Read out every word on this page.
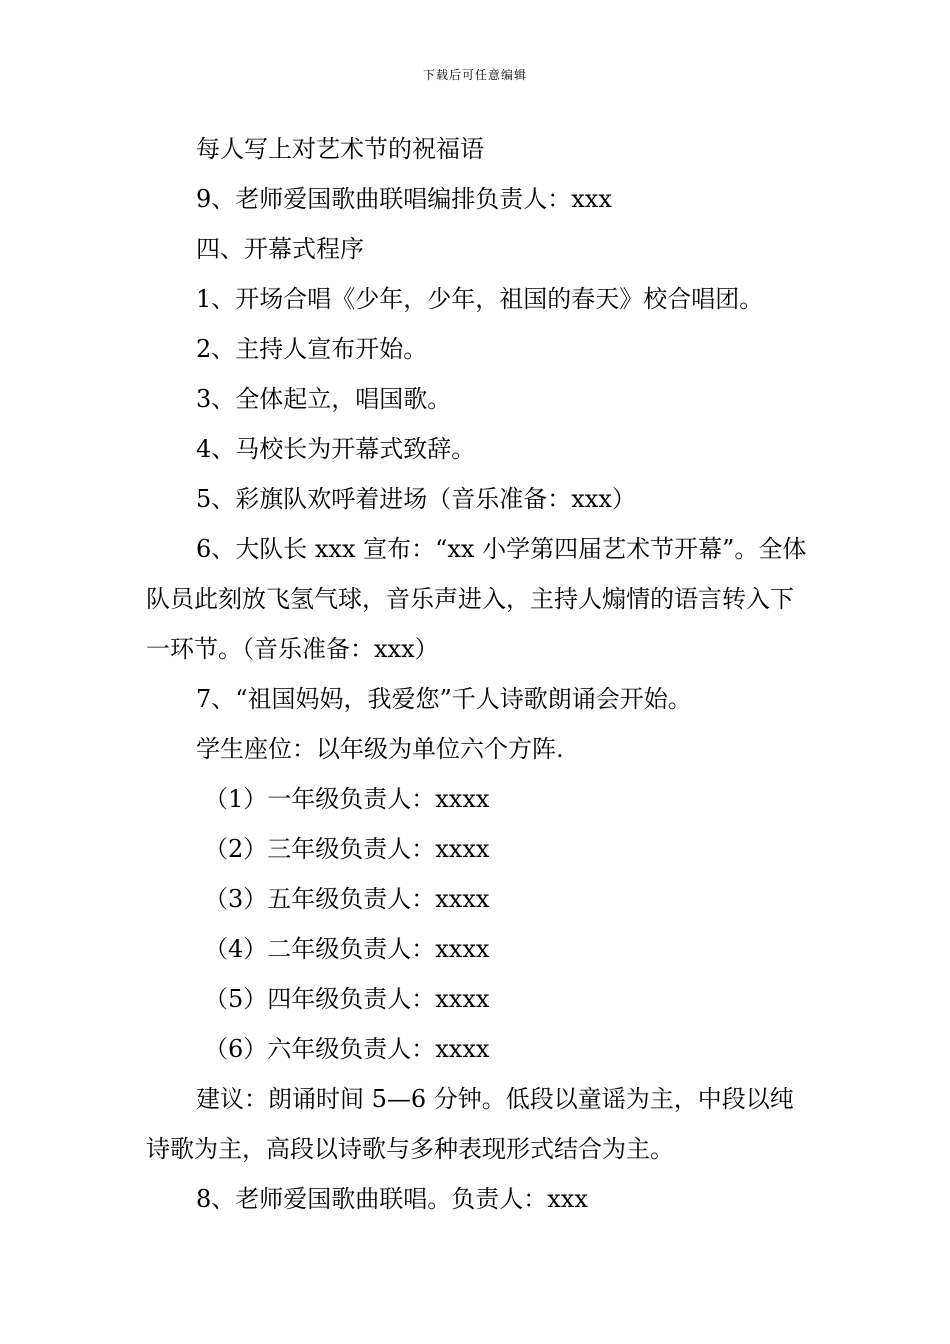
下载后可任意编辑

每人写上对艺术节的祝福语

9、老师爱国歌曲联唱编排负责人：xxx

四、开幕式程序

1、开场合唱《少年，少年，祖国的春天》校合唱团。

2、主持人宣布开始。

3、全体起立，唱国歌。

4、马校长为开幕式致辞。

5、彩旗队欢呼着进场（音乐准备：xxx）

6、大队长 xxx 宣布：“xx 小学第四届艺术节开幕”。全体队员此刻放飞氢气球，音乐声进入，主持人煽情的语言转入下一环节。（音乐准备：xxx）

7、“祖国妈妈，我爱您”千人诗歌朗诵会开始。

学生座位：以年级为单位六个方阵.

（1）一年级负责人：xxxx

（2）三年级负责人：xxxx

（3）五年级负责人：xxxx

（4）二年级负责人：xxxx

（5）四年级负责人：xxxx

（6）六年级负责人：xxxx

建议：朗诵时间 5—6 分钟。低段以童谣为主，中段以纯诗歌为主，高段以诗歌与多种表现形式结合为主。

8、老师爱国歌曲联唱。负责人：xxx
